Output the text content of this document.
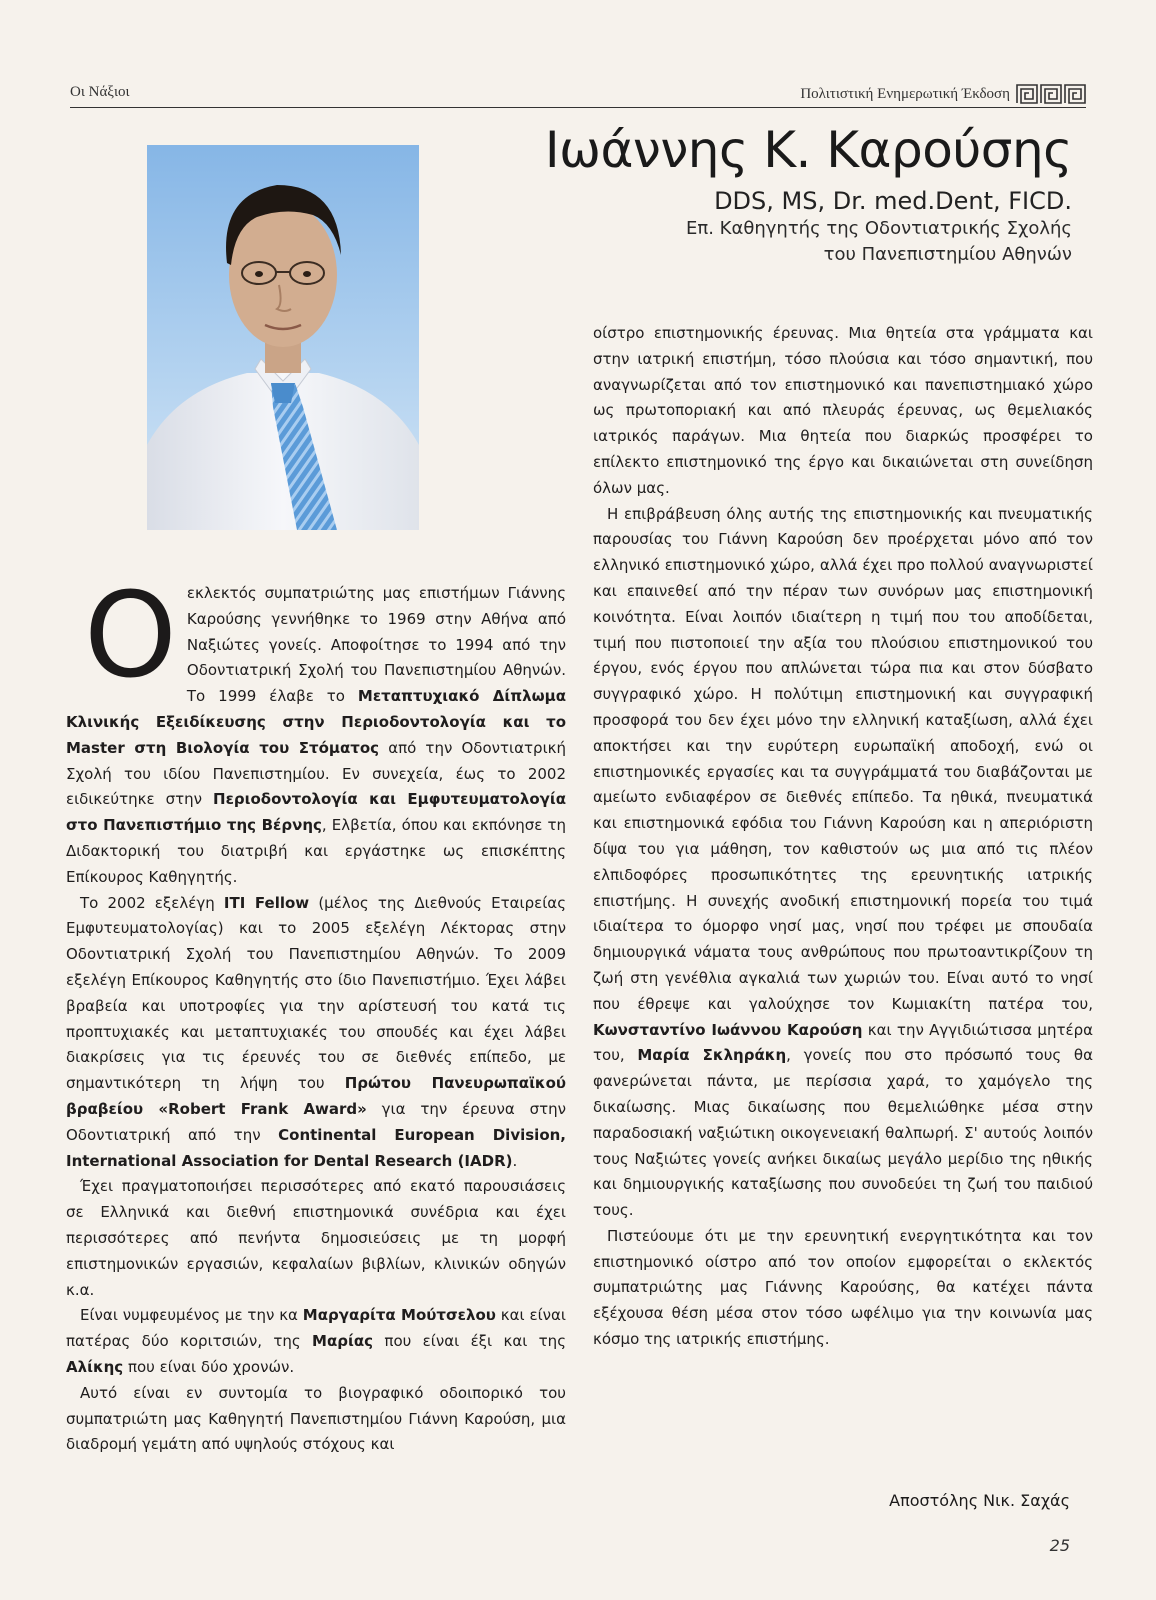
Οι Νάξιοι	Πολιτιστική Ενημερωτική Έκδοση
Ιωάννης Κ. Καρούσης
DDS, MS, Dr. med.Dent, FICD.
Επ. Καθηγητής της Οδοντιατρικής Σχολής
του Πανεπιστημίου Αθηνών

Οεκλεκτός συμπατριώτης μας επιστήμων Γιάννης Καρούσης γεννήθηκε το 1969 στην Αθήνα από Ναξιώτες γονείς. Αποφοίτησε το 1994 από την Οδοντιατρική Σχολή του Πανεπιστημίου Αθηνών. Το 1999 έλαβε το Μεταπτυχιακό Δίπλωμα Κλινικής Εξειδίκευσης στην Περιοδοντολογία και το Master στη Βιολογία του Στόματος από την Οδοντιατρική Σχολή του ιδίου Πανεπιστημίου. Εν συνεχεία, έως το 2002 ειδικεύτηκε στην Περιοδοντολογία και Εμφυτευματολογία στο Πανεπιστήμιο της Βέρνης, Ελβετία, όπου και εκπόνησε τη Διδακτορική του διατριβή και εργάστηκε ως επισκέπτης Επίκουρος Καθηγητής.

Το 2002 εξελέγη ITI Fellow (μέλος της Διεθνούς Εταιρείας Εμφυτευματολογίας) και το 2005 εξελέγη Λέκτορας στην Οδοντιατρική Σχολή του Πανεπιστημίου Αθηνών. Το 2009 εξελέγη Επίκουρος Καθηγητής στο ίδιο Πανεπιστήμιο. Έχει λάβει βραβεία και υποτροφίες για την αρίστευσή του κατά τις προπτυχιακές και μεταπτυχιακές του σπουδές και έχει λάβει διακρίσεις για τις έρευνές του σε διεθνές επίπεδο, με σημαντικότερη τη λήψη του Πρώτου Πανευρωπαϊκού βραβείου «Robert Frank Award» για την έρευνα στην Οδοντιατρική από την Continental European Division, International Association for Dental Research (IADR).

Έχει πραγματοποιήσει περισσότερες από εκατό παρουσιάσεις σε Ελληνικά και διεθνή επιστημονικά συνέδρια και έχει περισσότερες από πενήντα δημοσιεύσεις με τη μορφή επιστημονικών εργασιών, κεφαλαίων βιβλίων, κλινικών οδηγών κ.α.

Είναι νυμφευμένος με την κα Μαργαρίτα Μούτσελου και είναι πατέρας δύο κοριτσιών, της Μαρίας που είναι έξι και της Αλίκης που είναι δύο χρονών.

Αυτό είναι εν συντομία το βιογραφικό οδοιπορικό του συμπατριώτη μας Καθηγητή Πανεπιστημίου Γιάννη Καρούση, μια διαδρομή γεμάτη από υψηλούς στόχους και

οίστρο επιστημονικής έρευνας. Μια θητεία στα γράμματα και στην ιατρική επιστήμη, τόσο πλούσια και τόσο σημαντική, που αναγνωρίζεται από τον επιστημονικό και πανεπιστημιακό χώρο ως πρωτοποριακή και από πλευράς έρευνας, ως θεμελιακός ιατρικός παράγων. Μια θητεία που διαρκώς προσφέρει το επίλεκτο επιστημονικό της έργο και δικαιώνεται στη συνείδηση όλων μας.

Η επιβράβευση όλης αυτής της επιστημονικής και πνευματικής παρουσίας του Γιάννη Καρούση δεν προέρχεται μόνο από τον ελληνικό επιστημονικό χώρο, αλλά έχει προ πολλού αναγνωριστεί και επαινεθεί από την πέραν των συνόρων μας επιστημονική κοινότητα. Είναι λοιπόν ιδιαίτερη η τιμή που του αποδίδεται, τιμή που πιστοποιεί την αξία του πλούσιου επιστημονικού του έργου, ενός έργου που απλώνεται τώρα πια και στον δύσβατο συγγραφικό χώρο. Η πολύτιμη επιστημονική και συγγραφική προσφορά του δεν έχει μόνο την ελληνική καταξίωση, αλλά έχει αποκτήσει και την ευρύτερη ευρωπαϊκή αποδοχή, ενώ οι επιστημονικές εργασίες και τα συγγράμματά του διαβάζονται με αμείωτο ενδιαφέρον σε διεθνές επίπεδο. Τα ηθικά, πνευματικά και επιστημονικά εφόδια του Γιάννη Καρούση και η απεριόριστη δίψα του για μάθηση, τον καθιστούν ως μια από τις πλέον ελπιδοφόρες προσωπικότητες της ερευνητικής ιατρικής επιστήμης. Η συνεχής ανοδική επιστημονική πορεία του τιμά ιδιαίτερα το όμορφο νησί μας, νησί που τρέφει με σπουδαία δημιουργικά νάματα τους ανθρώπους που πρωτοαντικρίζουν τη ζωή στη γενέθλια αγκαλιά των χωριών του. Είναι αυτό το νησί που έθρεψε και γαλούχησε τον Κωμιακίτη πατέρα του, Κωνσταντίνο Ιωάννου Καρούση και την Αγγιδιώτισσα μητέρα του, Μαρία Σκληράκη, γονείς που στο πρόσωπό τους θα φανερώνεται πάντα, με περίσσια χαρά, το χαμόγελο της δικαίωσης. Μιας δικαίωσης που θεμελιώθηκε μέσα στην παραδοσιακή ναξιώτικη οικογενειακή θαλπωρή. Σ' αυτούς λοιπόν τους Ναξιώτες γονείς ανήκει δικαίως μεγάλο μερίδιο της ηθικής και δημιουργικής καταξίωσης που συνοδεύει τη ζωή του παιδιού τους.

Πιστεύουμε ότι με την ερευνητική ενεργητικότητα και τον επιστημονικό οίστρο από τον οποίον εμφορείται ο εκλεκτός συμπατριώτης μας Γιάννης Καρούσης, θα κατέχει πάντα εξέχουσα θέση μέσα στον τόσο ωφέλιμο για την κοινωνία μας κόσμο της ιατρικής επιστήμης.

Αποστόλης Νικ. Σαχάς
25
